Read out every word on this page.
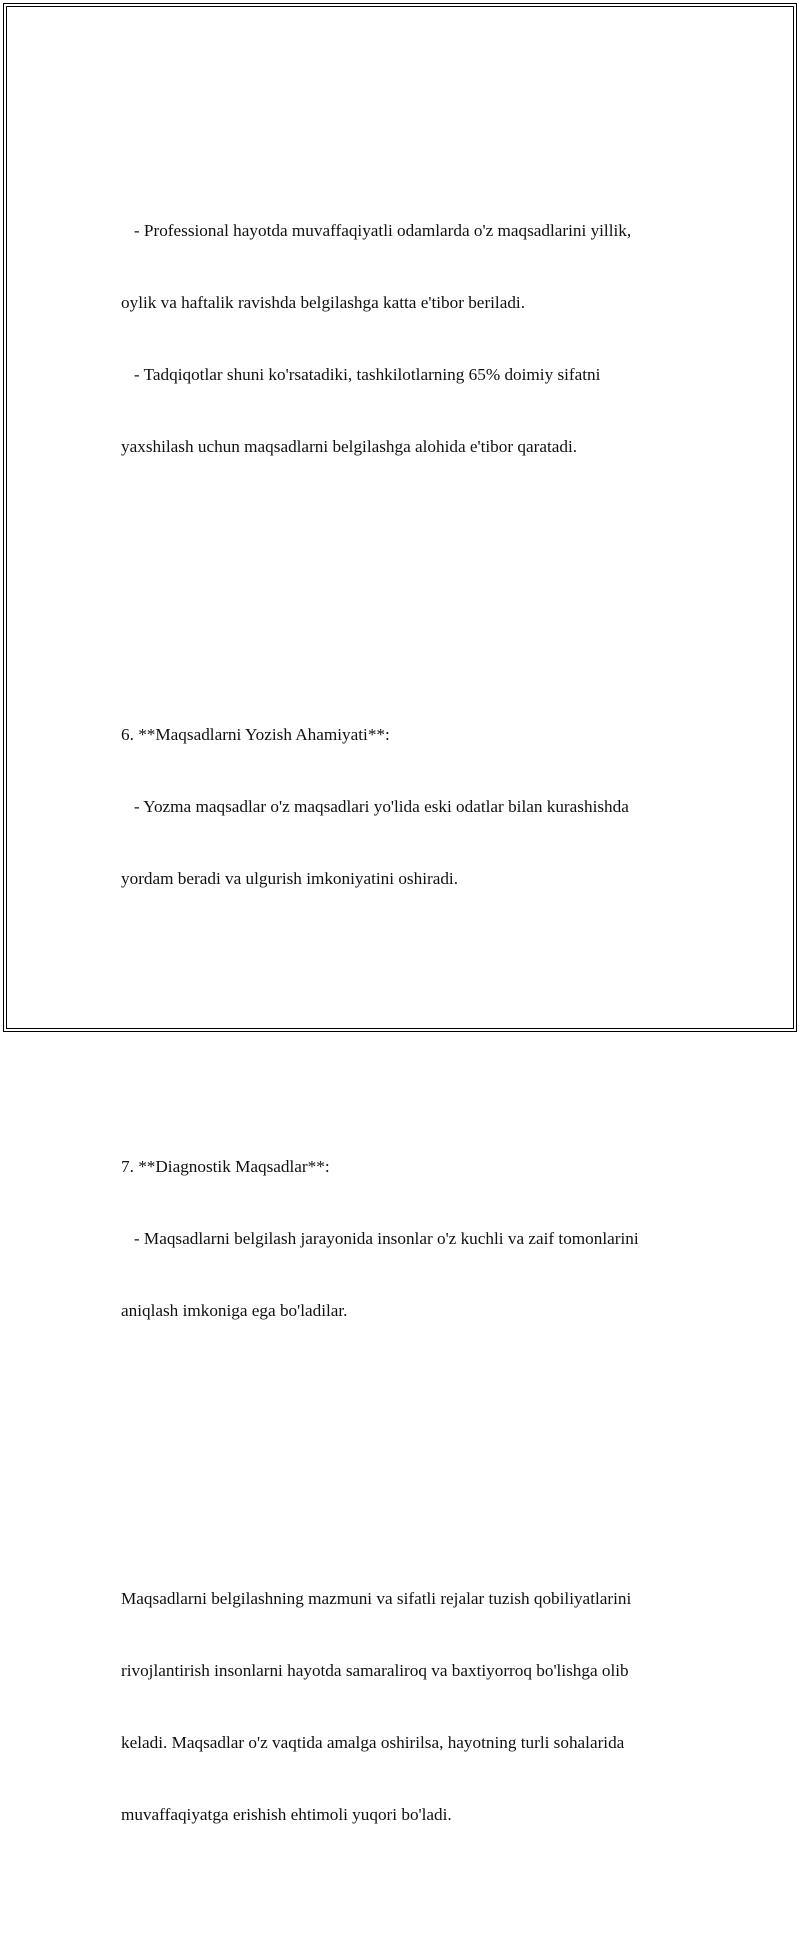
- Professional hayotda muvaffaqiyatli odamlarda o'z maqsadlarini yillik,

oylik va haftalik ravishda belgilashga katta e'tibor beriladi.

- Tadqiqotlar shuni ko'rsatadiki, tashkilotlarning 65% doimiy sifatni

yaxshilash uchun maqsadlarni belgilashga alohida e'tibor qaratadi.

6. **Maqsadlarni Yozish Ahamiyati**:

- Yozma maqsadlar o'z maqsadlari yo'lida eski odatlar bilan kurashishda

yordam beradi va ulgurish imkoniyatini oshiradi.

7. **Diagnostik Maqsadlar**:

- Maqsadlarni belgilash jarayonida insonlar o'z kuchli va zaif tomonlarini

aniqlash imkoniga ega bo'ladilar.

Maqsadlarni belgilashning mazmuni va sifatli rejalar tuzish qobiliyatlarini

rivojlantirish insonlarni hayotda samaraliroq va baxtiyorroq bo'lishga olib

keladi. Maqsadlar o'z vaqtida amalga oshirilsa, hayotning turli sohalarida

muvaffaqiyatga erishish ehtimoli yuqori bo'ladi.
